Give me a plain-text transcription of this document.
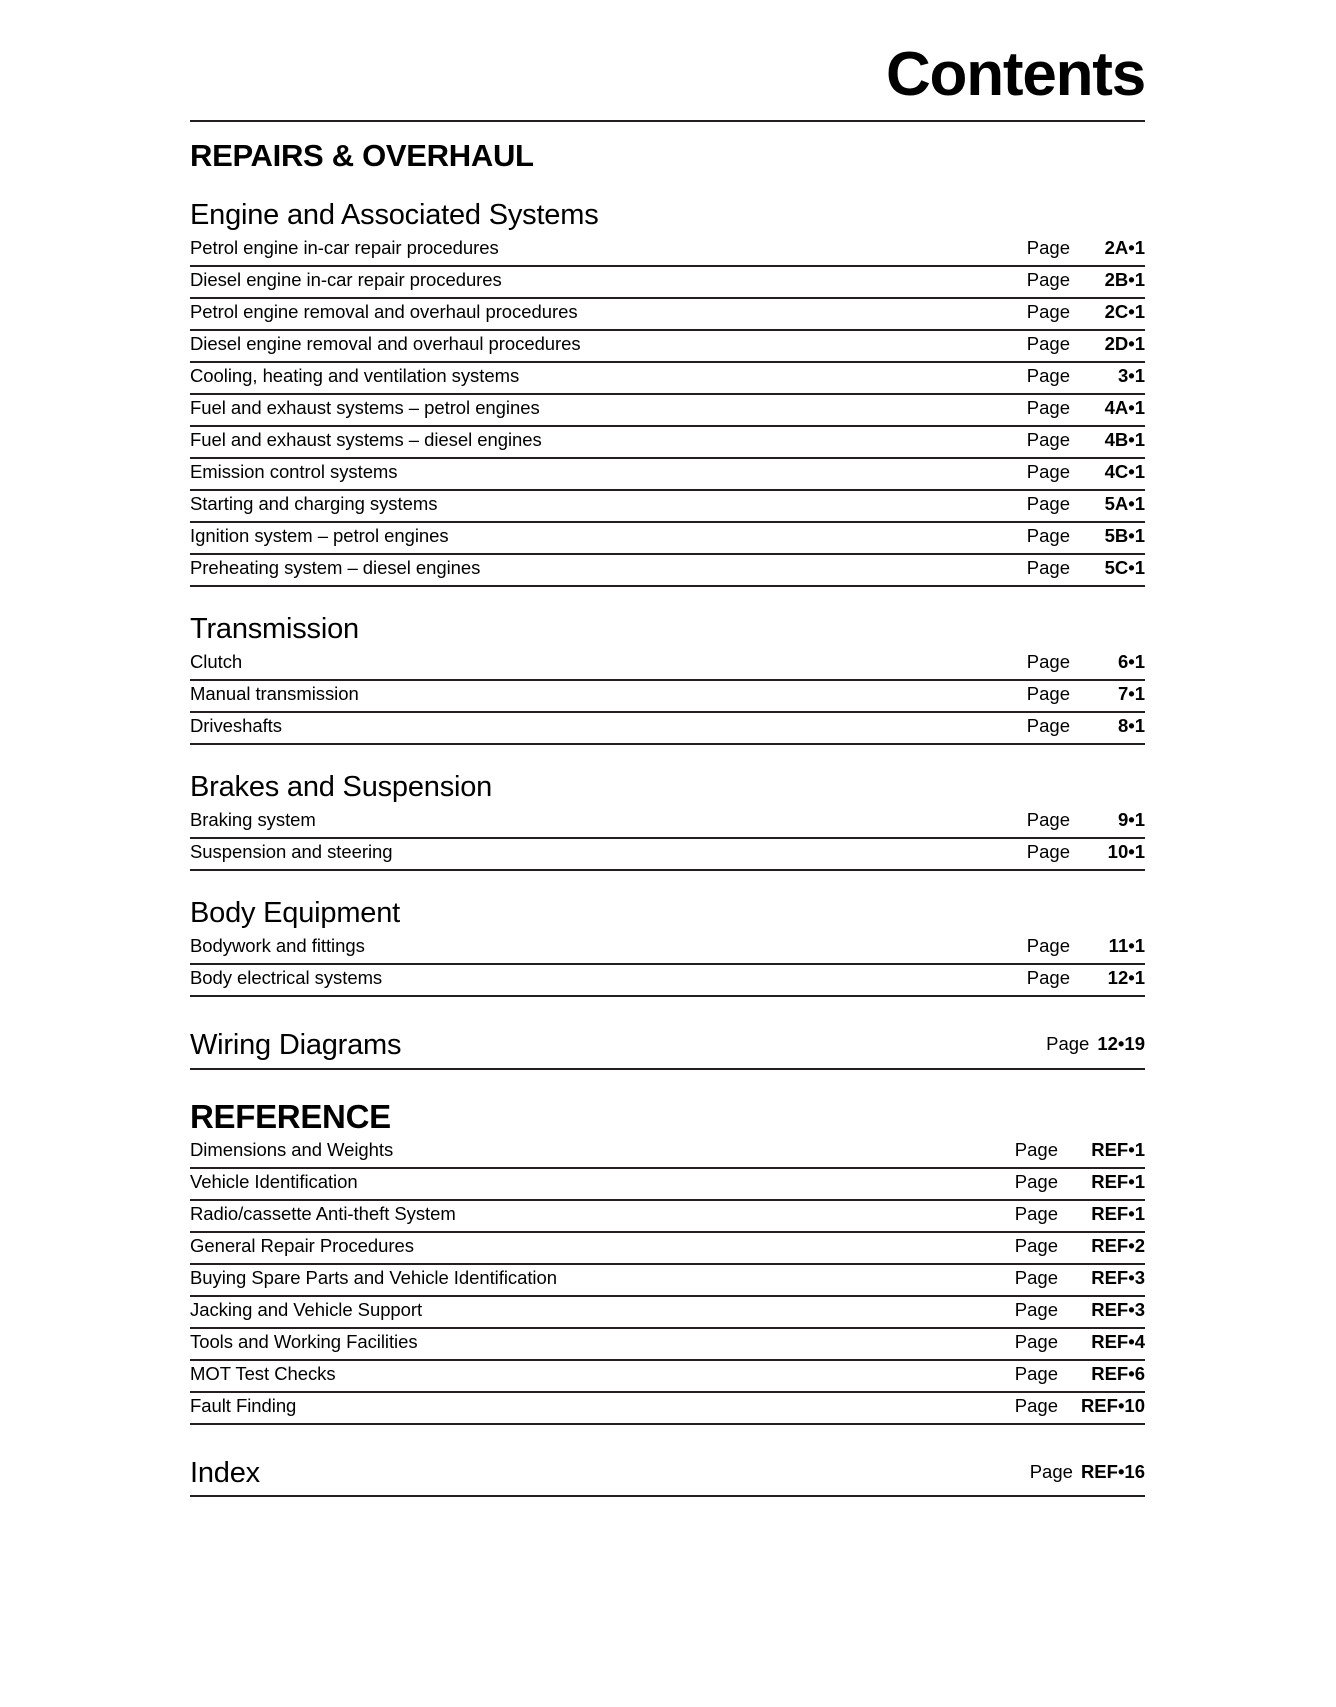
Contents
REPAIRS & OVERHAUL
Engine and Associated Systems
Petrol engine in-car repair procedures	Page	2A•1
Diesel engine in-car repair procedures	Page	2B•1
Petrol engine removal and overhaul procedures	Page	2C•1
Diesel engine removal and overhaul procedures	Page	2D•1
Cooling, heating and ventilation systems	Page	3•1
Fuel and exhaust systems – petrol engines	Page	4A•1
Fuel and exhaust systems – diesel engines	Page	4B•1
Emission control systems	Page	4C•1
Starting and charging systems	Page	5A•1
Ignition system – petrol engines	Page	5B•1
Preheating system – diesel engines	Page	5C•1
Transmission
Clutch	Page	6•1
Manual transmission	Page	7•1
Driveshafts	Page	8•1
Brakes and Suspension
Braking system	Page	9•1
Suspension and steering	Page	10•1
Body Equipment
Bodywork and fittings	Page	11•1
Body electrical systems	Page	12•1
Wiring Diagrams	Page 12•19
REFERENCE
Dimensions and Weights	Page	REF•1
Vehicle Identification	Page	REF•1
Radio/cassette Anti-theft System	Page	REF•1
General Repair Procedures	Page	REF•2
Buying Spare Parts and Vehicle Identification	Page	REF•3
Jacking and Vehicle Support	Page	REF•3
Tools and Working Facilities	Page	REF•4
MOT Test Checks	Page	REF•6
Fault Finding	Page	REF•10
Index	Page REF•16
